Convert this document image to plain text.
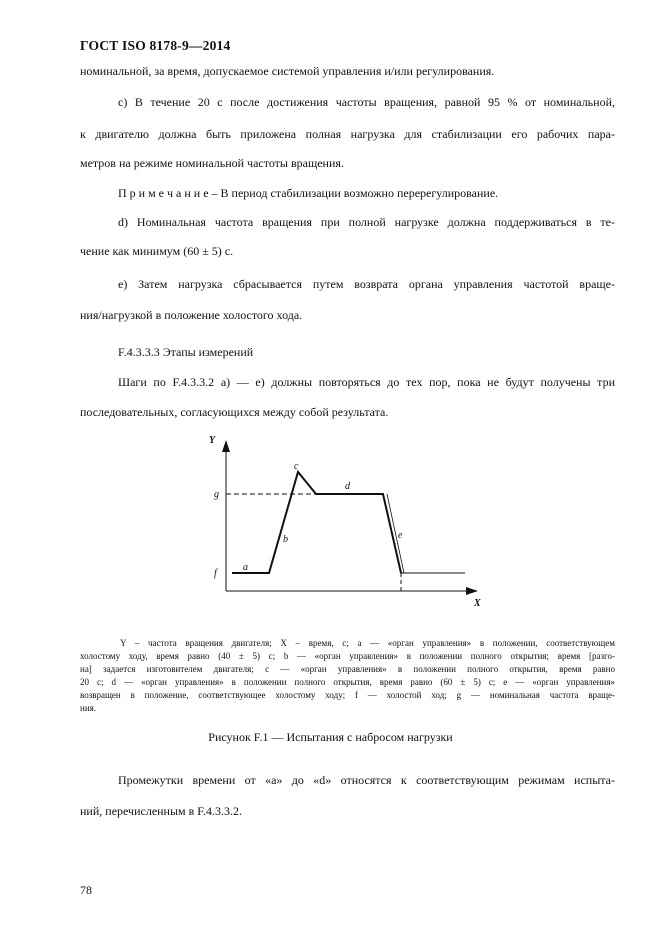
ГОСТ ISO 8178-9—2014
номинальной, за время, допускаемое системой управления и/или регулирования.
c) В течение 20 с после достижения частоты вращения, равной 95 % от номинальной,
к двигателю должна быть приложена полная нагрузка для стабилизации его рабочих пара-
метров на режиме номинальной частоты вращения.
П р и м е ч а н и е – В период стабилизации возможно перерегулирование.
d) Номинальная частота вращения при полной нагрузке должна поддерживаться в те-
чение как минимум (60 ± 5) с.
e) Затем нагрузка сбрасывается путем возврата органа управления частотой враще-
ния/нагрузкой в положение холостого хода.
F.4.3.3.3 Этапы измерений
Шаги по F.4.3.3.2 a) — e) должны повторяться до тех пор, пока не будут получены три
последовательных, согласующихся между собой результата.
Y
X
g
f
a
b
c
d
e
Y – частота вращения двигателя; X – время, c; a — «орган управления» в положении, соответствующем
холостому ходу, время равно (40 ± 5) с; b — «орган управления» в положении полного открытия; время [разго-
на] задается изготовителем двигателя; c — «орган управления» в положении полного открытия, время равно
20 с; d — «орган управления» в положении полного открытия, время равно (60 ± 5) с; e — «орган управления»
возвращен в положение, соответствующее холостому ходу; f — холостой ход; g — номинальная частота враще-
ния.
Рисунок F.1 — Испытания с набросом нагрузки
Промежутки времени от «a» до «d» относятся к соответствующим режимам испыта-
ний, перечисленным в F.4.3.3.2.
78
